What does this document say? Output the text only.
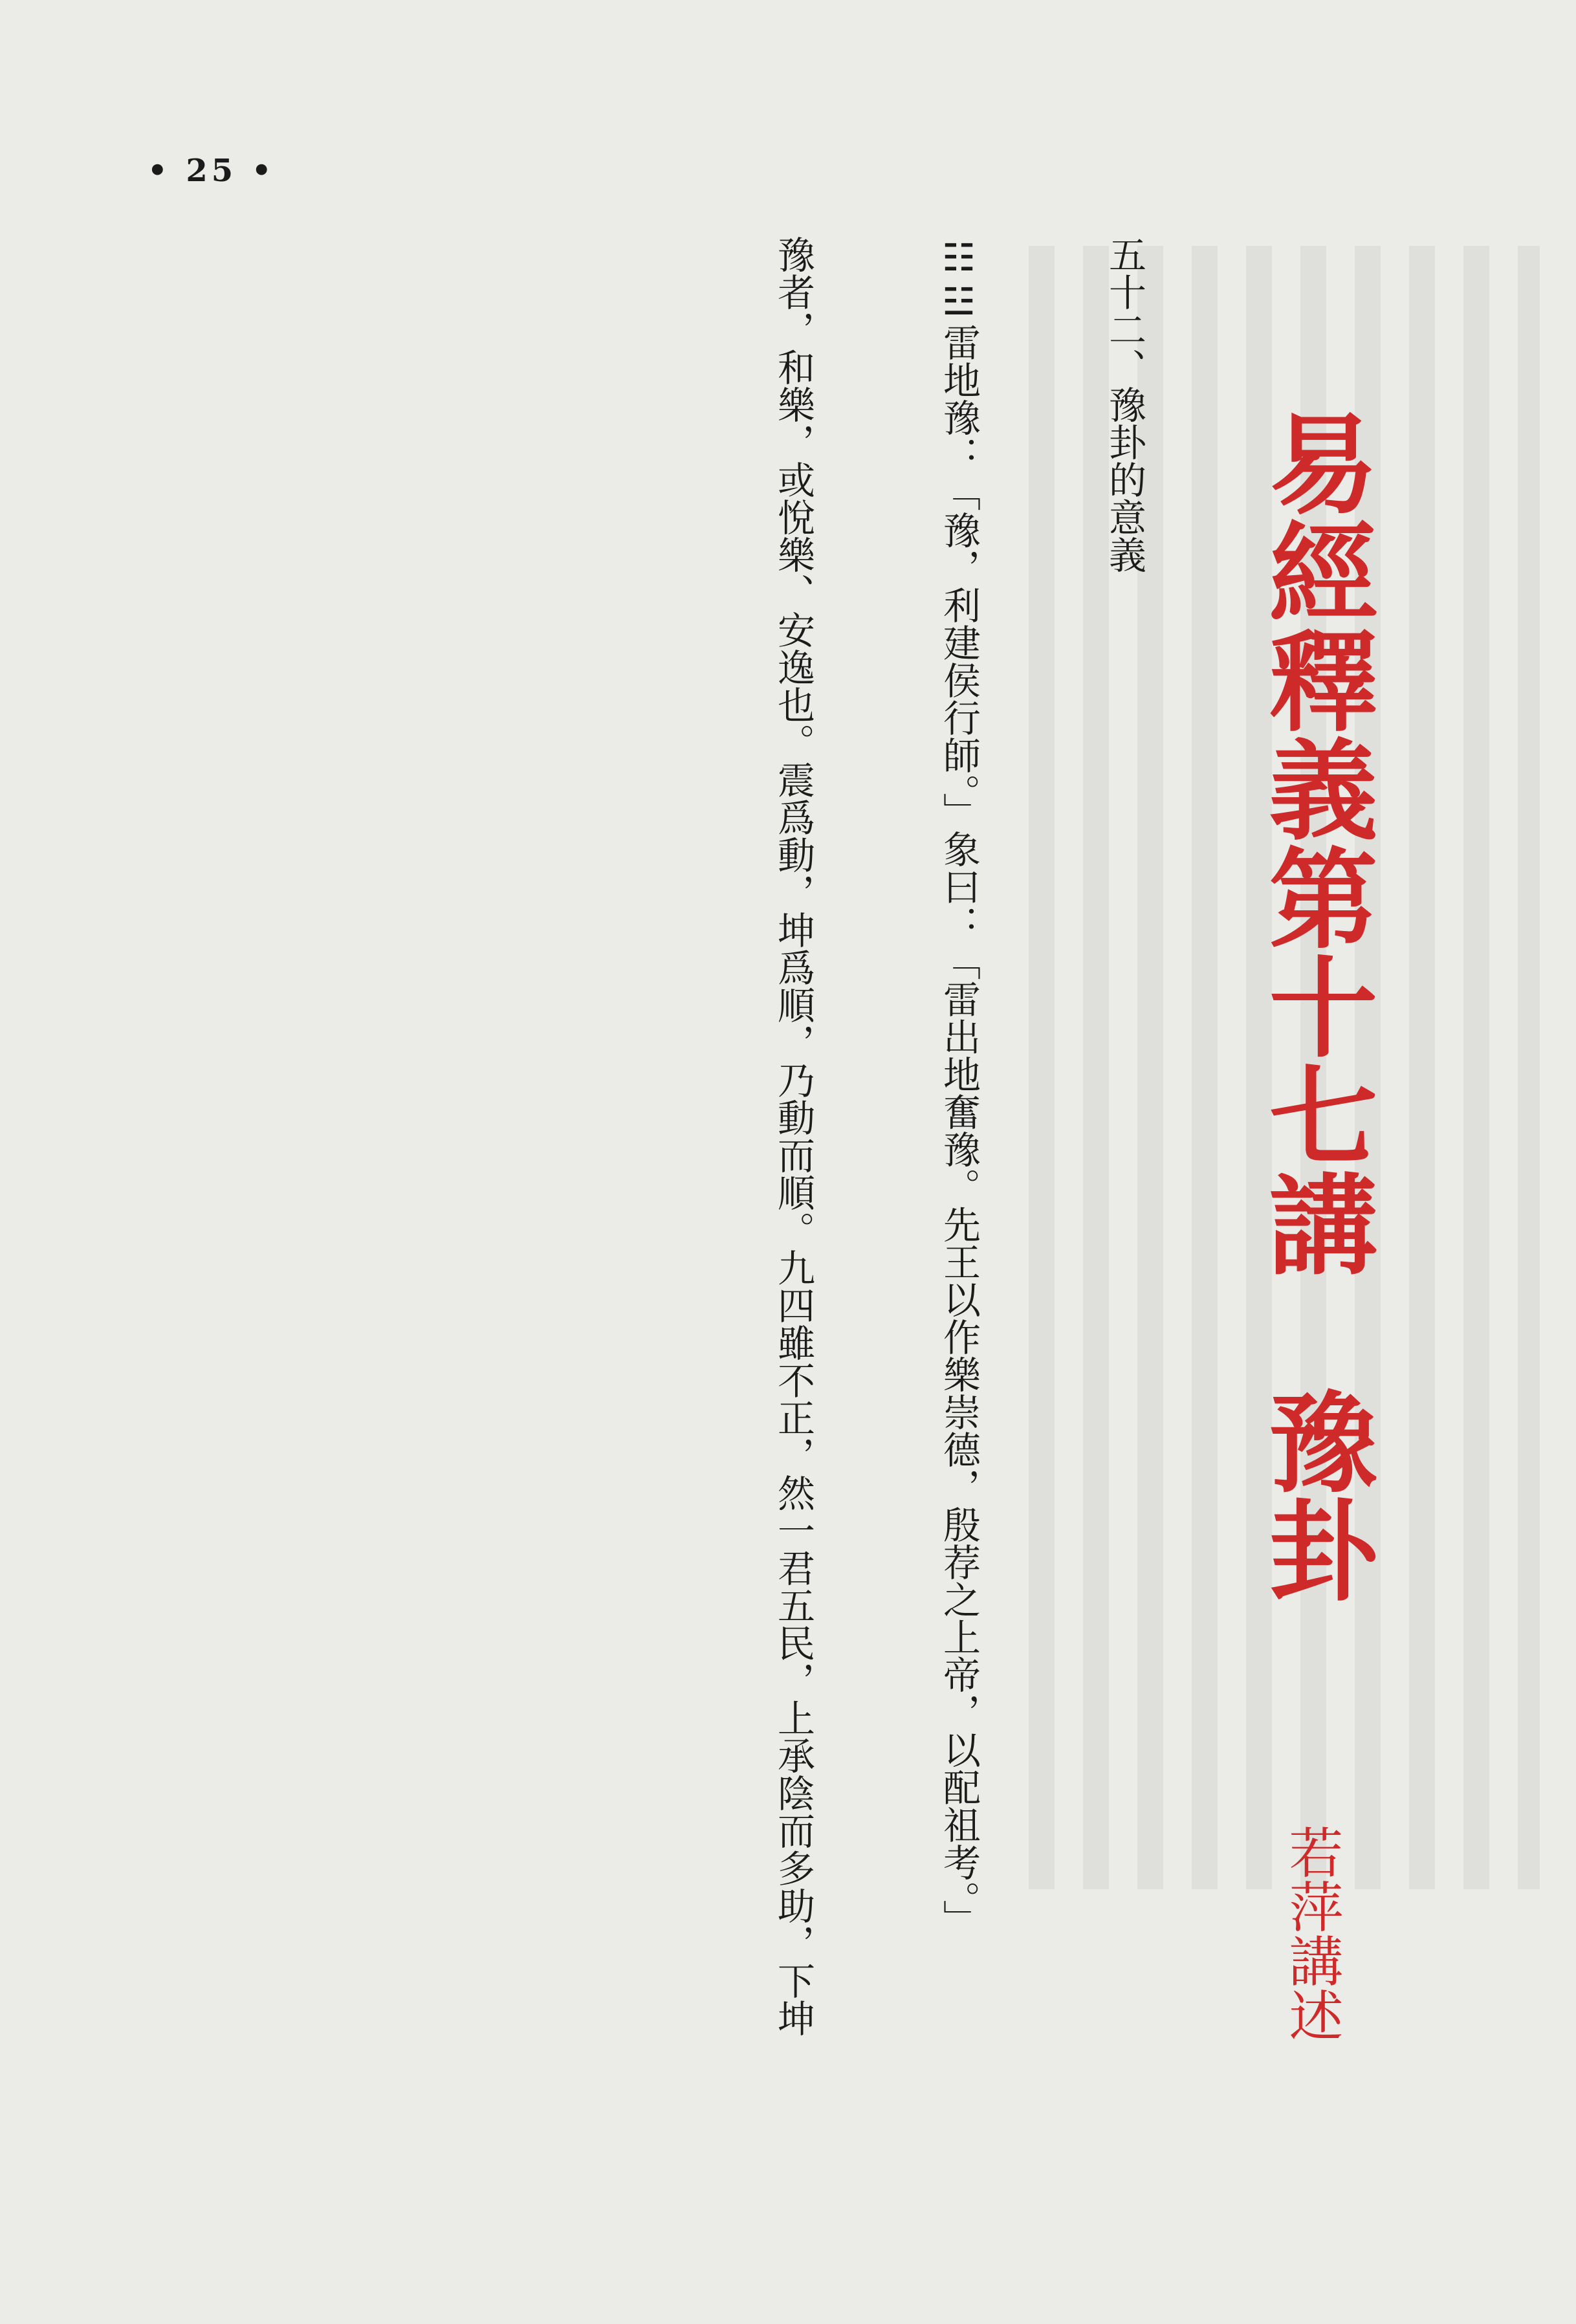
• 25 •
易經釋義第十七講　豫卦
若萍講述

五十二、豫卦的意義

☷☳雷地豫：「豫，利建侯行師。」象曰：「雷出地奮豫。先王以作樂崇德，殷荐之上帝，以配祖考。」

豫者，和樂，或悅樂、安逸也。震爲動，坤爲順，乃動而順。九四雖不正，然一君五民，上承陰而多助，下坤
